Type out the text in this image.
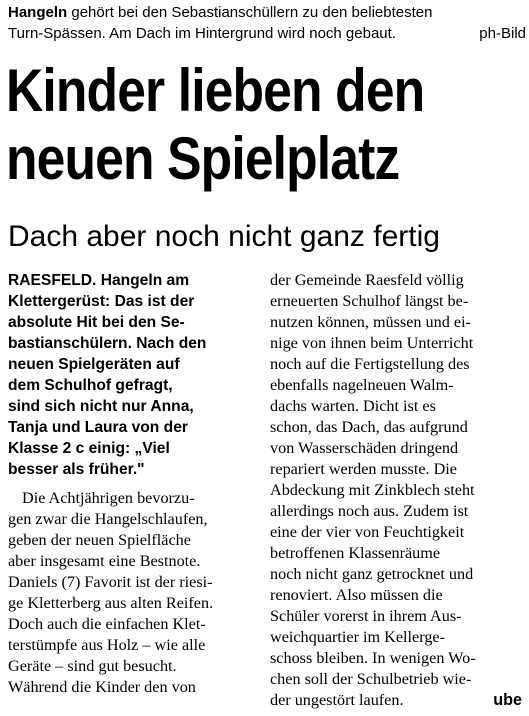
Hangeln gehört bei den Sebastianschüllern zu den beliebtesten
Turn-Spässen. Am Dach im Hintergrund wird noch gebaut.	ph-Bild
Kinder lieben den
neuen Spielplatz
Dach aber noch nicht ganz fertig
RAESFELD. Hangeln am
Klettergerüst: Das ist der
absolute Hit bei den Se-
bastianschülern. Nach den
neuen Spielgeräten auf
dem Schulhof gefragt,
sind sich nicht nur Anna,
Tanja und Laura von der
Klasse 2 c einig: „Viel
besser als früher."
Die Achtjährigen bevorzu-
gen zwar die Hangelschlaufen,
geben der neuen Spielfläche
aber insgesamt eine Bestnote.
Daniels (7) Favorit ist der riesi-
ge Kletterberg aus alten Reifen.
Doch auch die einfachen Klet-
terstümpfe aus Holz – wie alle
Geräte – sind gut besucht.
Während die Kinder den von
der Gemeinde Raesfeld völlig
erneuerten Schulhof längst be-
nutzen können, müssen und ei-
nige von ihnen beim Unterricht
noch auf die Fertigstellung des
ebenfalls nagelneuen Walm-
dachs warten. Dicht ist es
schon, das Dach, das aufgrund
von Wasserschäden dringend
repariert werden musste. Die
Abdeckung mit Zinkblech steht
allerdings noch aus. Zudem ist
eine der vier von Feuchtigkeit
betroffenen Klassenräume
noch nicht ganz getrocknet und
renoviert. Also müssen die
Schüler vorerst in ihrem Aus-
weichquartier im Kellerge-
schoss bleiben. In wenigen Wo-
chen soll der Schulbetrieb wie-
der ungestört laufen.	ube
